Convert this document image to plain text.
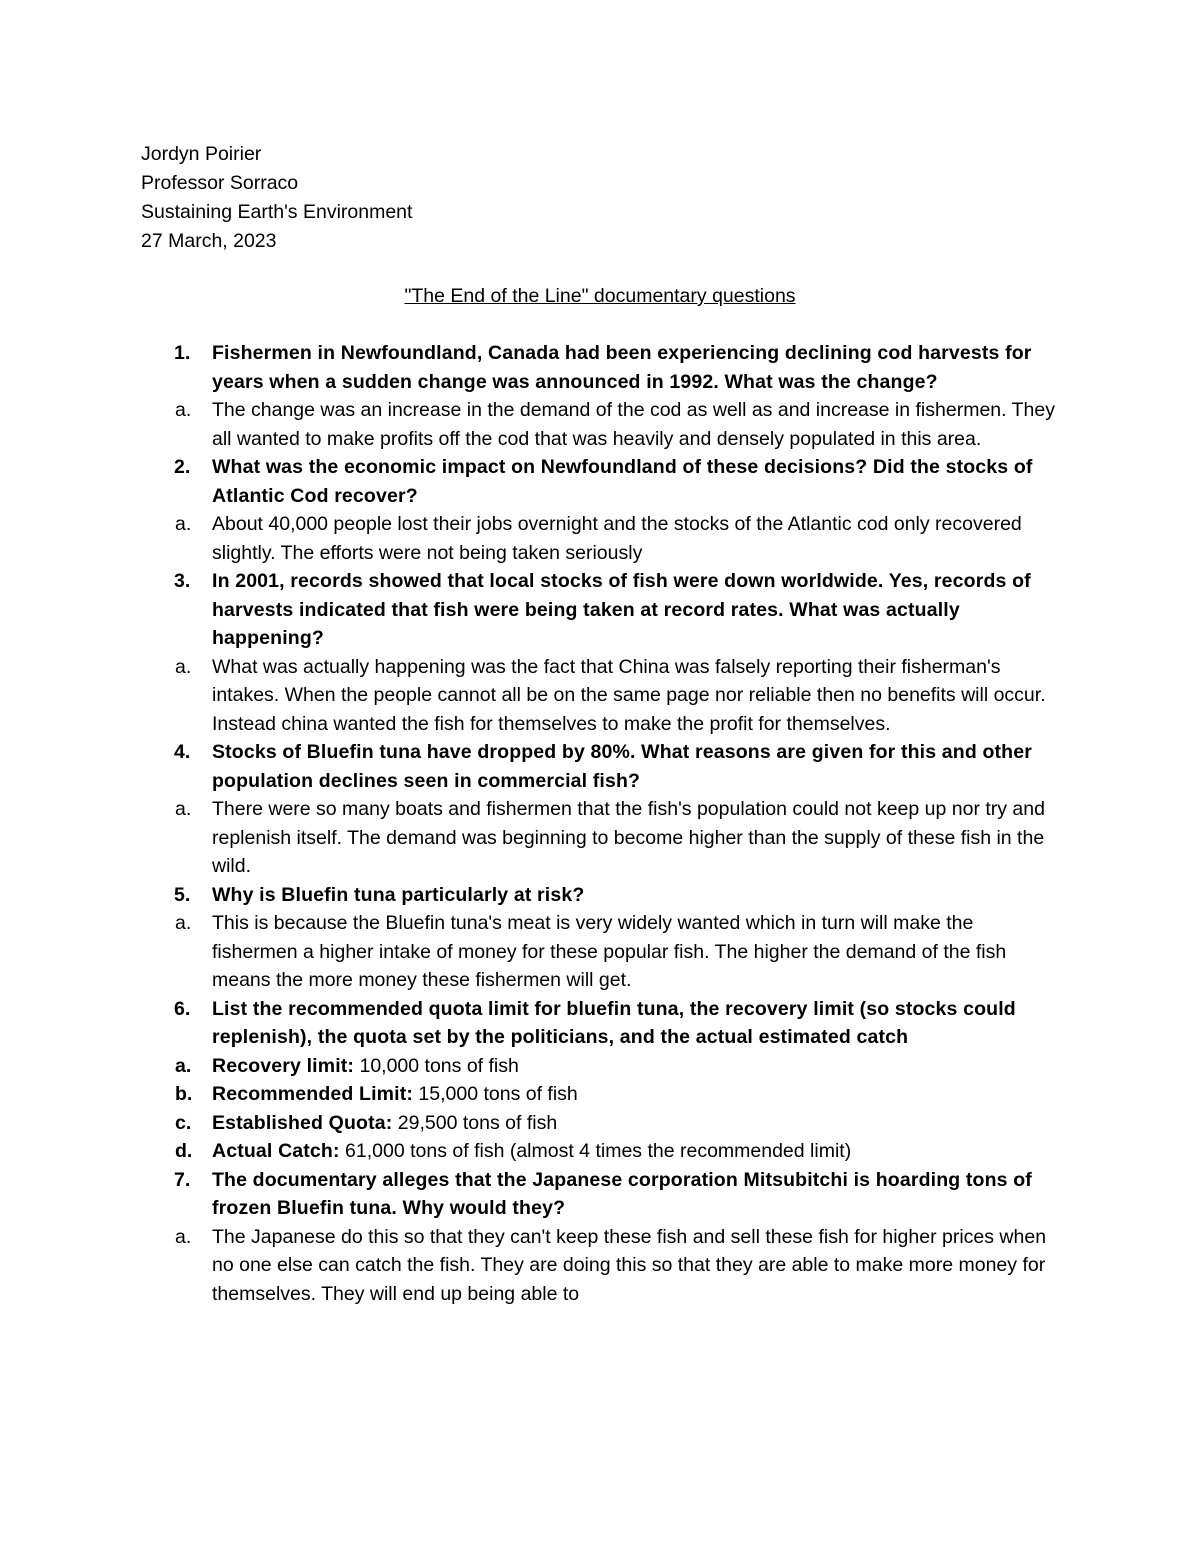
Jordyn Poirier
Professor Sorraco
Sustaining Earth's Environment
27 March, 2023
"The End of the Line" documentary questions
1. Fishermen in Newfoundland, Canada had been experiencing declining cod harvests for years when a sudden change was announced in 1992. What was the change?
a. The change was an increase in the demand of the cod as well as and increase in fishermen. They all wanted to make profits off the cod that was heavily and densely populated in this area.
2. What was the economic impact on Newfoundland of these decisions? Did the stocks of Atlantic Cod recover?
a. About 40,000 people lost their jobs overnight and the stocks of the Atlantic cod only recovered slightly. The efforts were not being taken seriously
3. In 2001, records showed that local stocks of fish were down worldwide. Yes, records of harvests indicated that fish were being taken at record rates. What was actually happening?
a. What was actually happening was the fact that China was falsely reporting their fisherman's intakes. When the people cannot all be on the same page nor reliable then no benefits will occur. Instead china wanted the fish for themselves to make the profit for themselves.
4. Stocks of Bluefin tuna have dropped by 80%. What reasons are given for this and other population declines seen in commercial fish?
a. There were so many boats and fishermen that the fish's population could not keep up nor try and replenish itself. The demand was beginning to become higher than the supply of these fish in the wild.
5. Why is Bluefin tuna particularly at risk?
a. This is because the Bluefin tuna's meat is very widely wanted which in turn will make the fishermen a higher intake of money for these popular fish. The higher the demand of the fish means the more money these fishermen will get.
6. List the recommended quota limit for bluefin tuna, the recovery limit (so stocks could replenish), the quota set by the politicians, and the actual estimated catch
a. Recovery limit: 10,000 tons of fish
b. Recommended Limit: 15,000 tons of fish
c. Established Quota: 29,500 tons of fish
d. Actual Catch: 61,000 tons of fish (almost 4 times the recommended limit)
7. The documentary alleges that the Japanese corporation Mitsubitchi is hoarding tons of frozen Bluefin tuna. Why would they?
a. The Japanese do this so that they can't keep these fish and sell these fish for higher prices when no one else can catch the fish. They are doing this so that they are able to make more money for themselves. They will end up being able to
